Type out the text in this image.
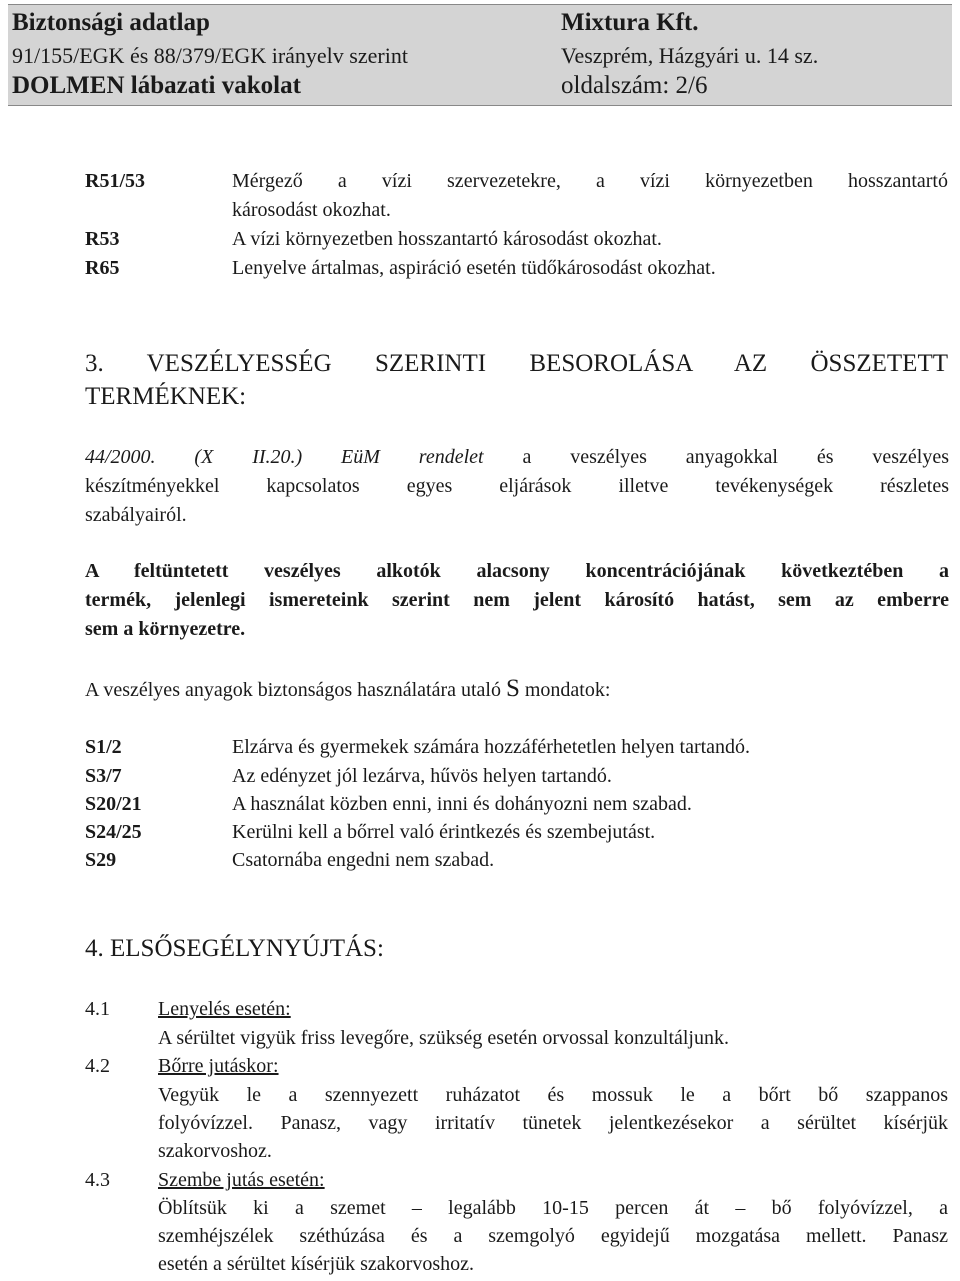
Biztonsági adatlap	Mixtura Kft.
91/155/EGK és 88/379/EGK irányelv szerint	Veszprém, Házgyári u. 14 sz.
DOLMEN lábazati vakolat	oldalszám: 2/6
R51/53	Mérgező a vízi szervezetekre, a vízi környezetben hosszantartó
károsodást okozhat.
R53	A vízi környezetben hosszantartó károsodást okozhat.
R65	Lenyelve ártalmas, aspiráció esetén tüdőkárosodást okozhat.
3. VESZÉLYESSÉG SZERINTI BESOROLÁSA AZ ÖSSZETETT
TERMÉKNEK:
44/2000. (X II.20.) EüM rendelet a veszélyes anyagokkal és veszélyes
készítményekkel kapcsolatos egyes eljárások illetve tevékenységek részletes
szabályairól.
A feltüntetett veszélyes alkotók alacsony koncentrációjának következtében a
termék, jelenlegi ismereteink szerint nem jelent károsító hatást, sem az emberre
sem a környezetre.
A veszélyes anyagok biztonságos használatára utaló S mondatok:
S1/2	Elzárva és gyermekek számára hozzáférhetetlen helyen tartandó.
S3/7	Az edényzet jól lezárva, hűvös helyen tartandó.
S20/21	A használat közben enni, inni és dohányozni nem szabad.
S24/25	Kerülni kell a bőrrel való érintkezés és szembejutást.
S29	Csatornába engedni nem szabad.
4. ELSŐSEGÉLYNYÚJTÁS:
4.1 Lenyelés esetén:
A sérültet vigyük friss levegőre, szükség esetén orvossal konzultáljunk.
4.2 Bőrre jutáskor:
Vegyük le a szennyezett ruházatot és mossuk le a bőrt bő szappanos
folyóvízzel. Panasz, vagy irritatív tünetek jelentkezésekor a sérültet kísérjük
szakorvoshoz.
4.3 Szembe jutás esetén:
Öblítsük ki a szemet – legalább 10-15 percen át – bő folyóvízzel, a
szemhéjszélek széthúzása és a szemgolyó egyidejű mozgatása mellett. Panasz
esetén a sérültet kísérjük szakorvoshoz.
